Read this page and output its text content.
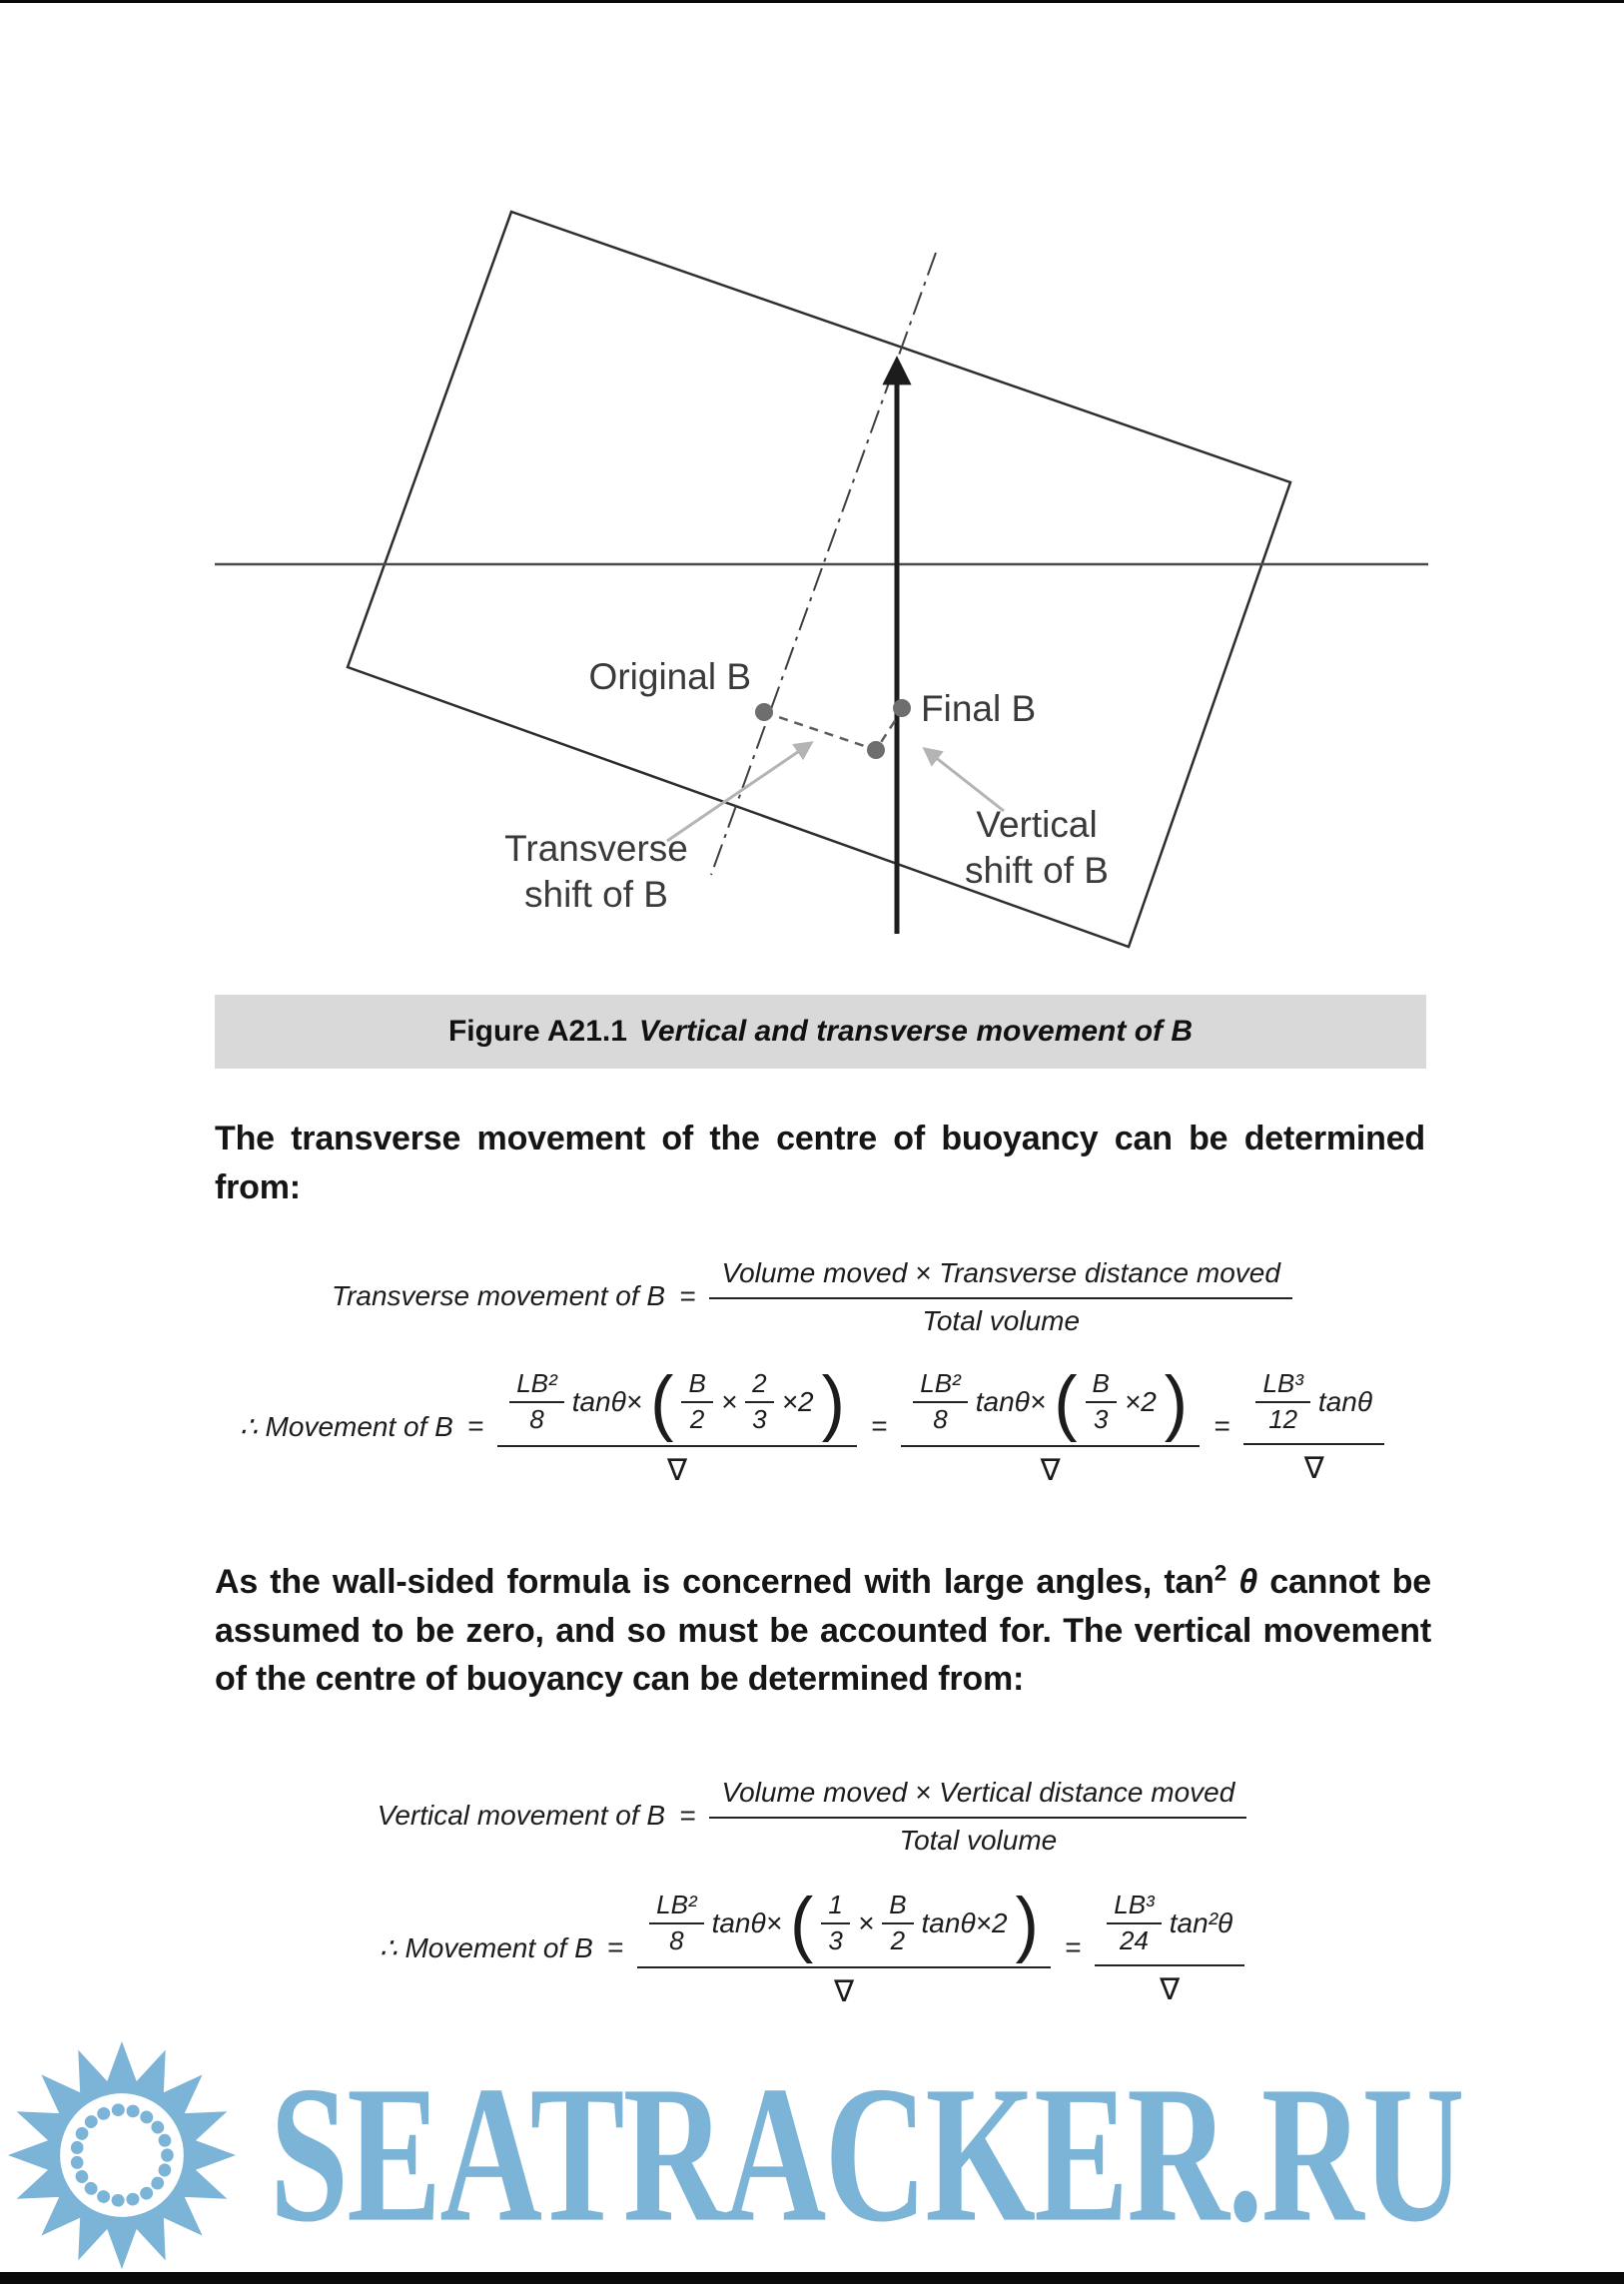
Original B
Final B
Transverse
shift of B
Vertical
shift of B
Figure A21.1 Vertical and transverse movement of B

The transverse movement of the centre of buoyancy can be determined from:

Transverse movement of $B = \frac{\text{Volume moved × Transverse distance moved}}{\text{Total volume}}$
∴ Movement of $B = \frac{\text{LB²}}{8} \tan\theta\times$ ( $\frac{B}{2} \times \frac{2}{3} \times 2$ )
∇
= $\frac{\text{LB²}}{8} \tan\theta\times$ ( $\frac{B}{3} \times 2$ )
∇
= $\frac{\frac{\text{LB³}}{12} \tan\theta}{\nabla}$

As the wall-sided formula is concerned with large angles, $\tan^2 \theta$ cannot be assumed to be zero, and so must be accounted for. The vertical movement of the centre of buoyancy can be determined from:

Vertical movement of $B = \frac{\text{Volume moved × Vertical distance moved}}{\text{Total volume}}$
∴ Movement of $B = \frac{\text{LB²}}{8} \tan\theta\times$ ( $\frac{1}{3} \times \frac{B}{2} \tan\theta\times 2$ )
∇
= $\frac{\frac{\text{LB³}}{24} \tan^2\theta}{\nabla}$
SEATRACKER.RU
